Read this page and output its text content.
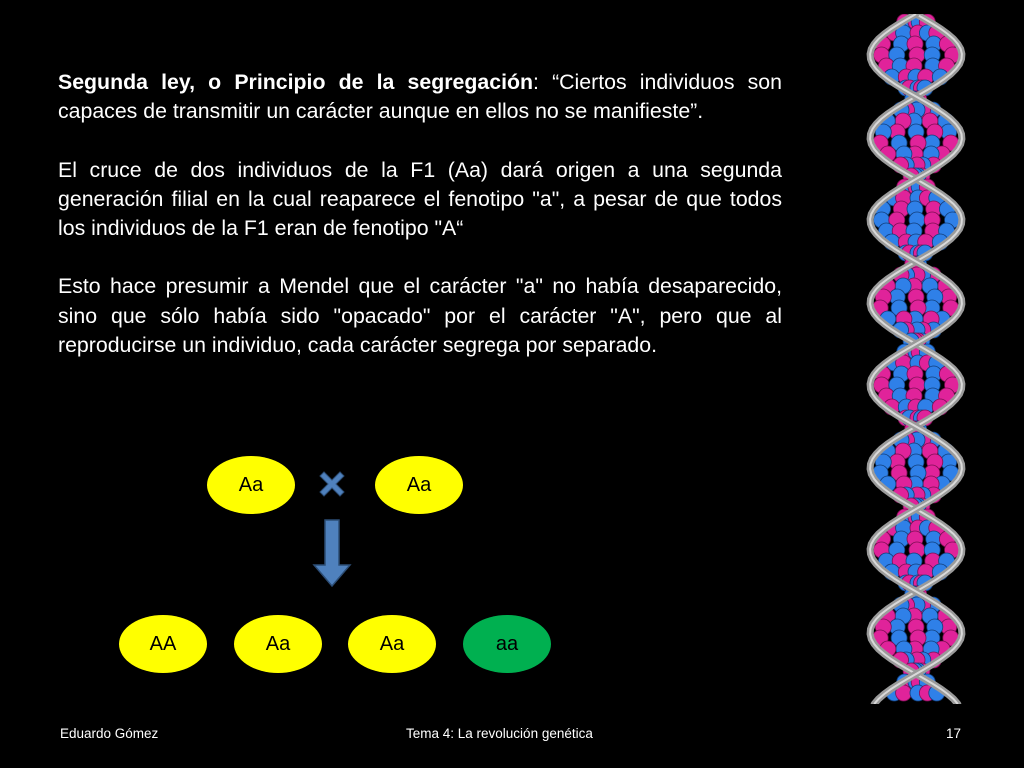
Segunda ley, o Principio de la segregación: “Ciertos individuos son capaces de transmitir un carácter aunque en ellos no se manifieste”.

El cruce de dos individuos de la F1 (Aa) dará origen a una segunda generación filial en la cual reaparece el fenotipo "a", a pesar de que todos los individuos de la F1 eran de fenotipo "A“

Esto hace presumir a Mendel que el carácter "a" no había desaparecido, sino que sólo había sido "opacado" por el carácter "A", pero que al reproducirse un individuo, cada carácter segrega por separado.

Aa	Aa
AA	Aa	Aa	aa
Eduardo Gómez	Tema 4: La revolución genética	17
